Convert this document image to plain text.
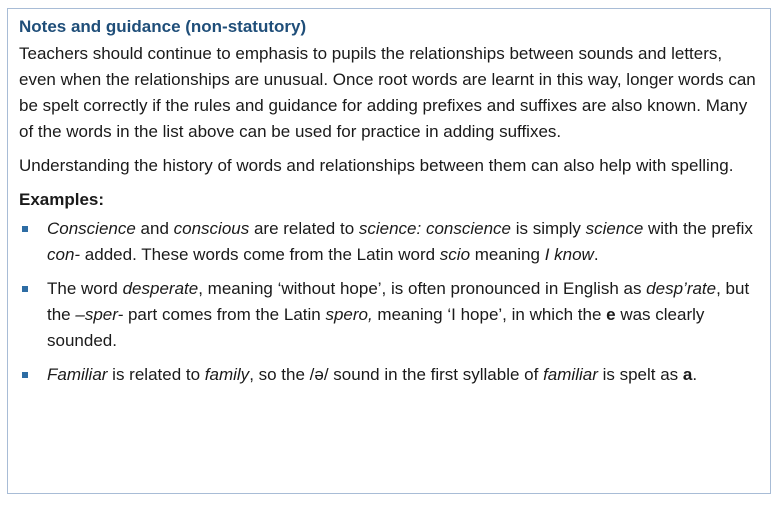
Notes and guidance (non-statutory)

Teachers should continue to emphasis to pupils the relationships between sounds and letters, even when the relationships are unusual. Once root words are learnt in this way, longer words can be spelt correctly if the rules and guidance for adding prefixes and suffixes are also known. Many of the words in the list above can be used for practice in adding suffixes.

Understanding the history of words and relationships between them can also help with spelling.

Examples:
Conscience and conscious are related to science: conscience is simply science with the prefix con- added. These words come from the Latin word scio meaning I know.
The word desperate, meaning ‘without hope’, is often pronounced in English as desp’rate, but the –sper- part comes from the Latin spero, meaning ‘I hope’, in which the e was clearly sounded.
Familiar is related to family, so the /ə/ sound in the first syllable of familiar is spelt as a.
